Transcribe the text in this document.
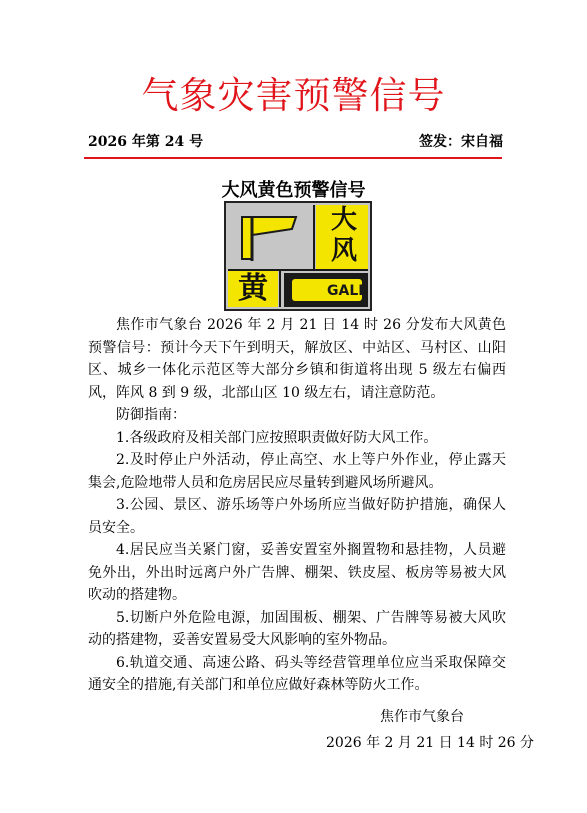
气象灾害预警信号
2026 年第 24 号	签发：宋自福
大风黄色预警信号
GALE
大
风
黄

焦作市气象台 2026 年 2 月 21 日 14 时 26 分发布大风黄色预警信号：预计今天下午到明天，解放区、中站区、马村区、山阳区、城乡一体化示范区等大部分乡镇和街道将出现 5 级左右偏西风，阵风 8 到 9 级，北部山区 10 级左右，请注意防范。

防御指南：

1.各级政府及相关部门应按照职责做好防大风工作。

2.及时停止户外活动，停止高空、水上等户外作业，停止露天集会,危险地带人员和危房居民应尽量转到避风场所避风。

3.公园、景区、游乐场等户外场所应当做好防护措施，确保人员安全。

4.居民应当关紧门窗，妥善安置室外搁置物和悬挂物，人员避免外出，外出时远离户外广告牌、棚架、铁皮屋、板房等易被大风吹动的搭建物。

5.切断户外危险电源，加固围板、棚架、广告牌等易被大风吹动的搭建物，妥善安置易受大风影响的室外物品。

6.轨道交通、高速公路、码头等经营管理单位应当采取保障交通安全的措施,有关部门和单位应做好森林等防火工作。

焦作市气象台
2026 年 2 月 21 日 14 时 26 分
